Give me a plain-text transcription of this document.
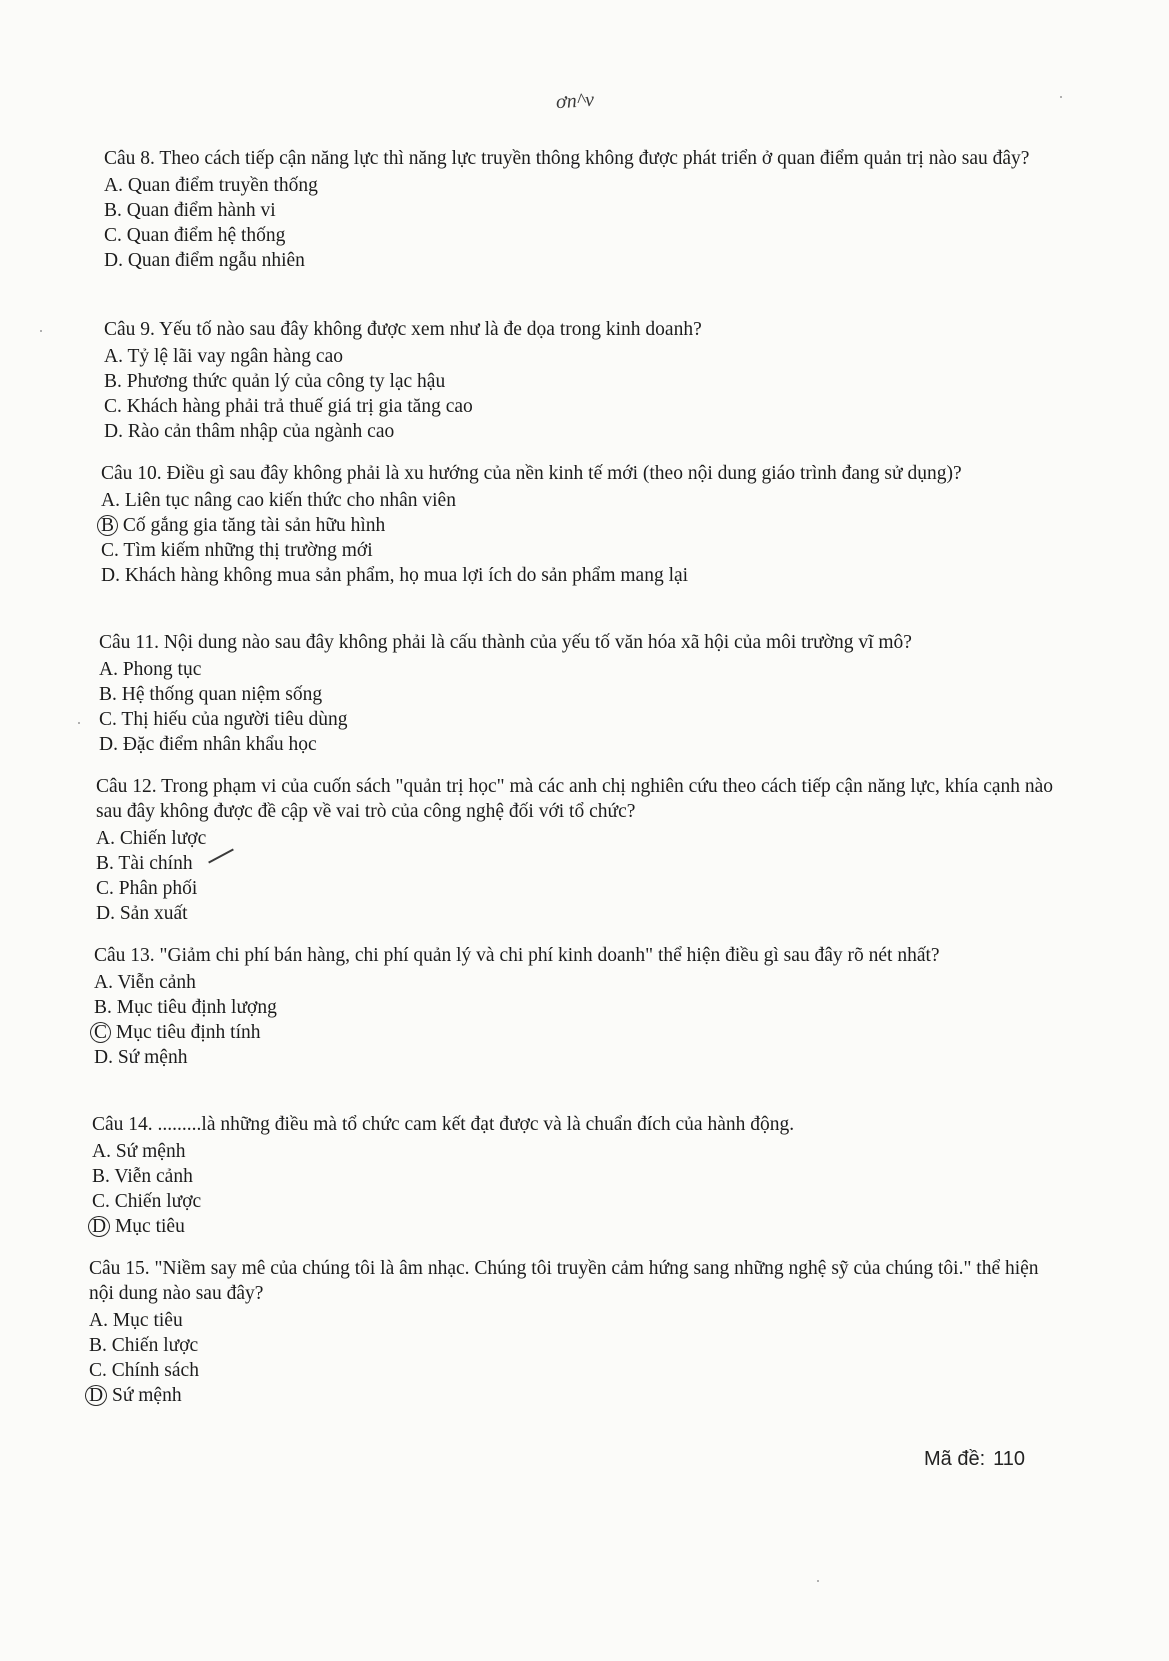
ơn^v

Câu 8. Theo cách tiếp cận năng lực thì năng lực truyền thông không được phát triển ở quan điểm quản trị nào sau đây?

A. Quan điểm truyền thống

B. Quan điểm hành vi

C. Quan điểm hệ thống

D. Quan điểm ngẫu nhiên

Câu 9. Yếu tố nào sau đây không được xem như là đe dọa trong kinh doanh?

A. Tỷ lệ lãi vay ngân hàng cao

B. Phương thức quản lý của công ty lạc hậu

C. Khách hàng phải trả thuế giá trị gia tăng cao

D. Rào cản thâm nhập của ngành cao

Câu 10. Điều gì sau đây không phải là xu hướng của nền kinh tế mới (theo nội dung giáo trình đang sử dụng)?

A. Liên tục nâng cao kiến thức cho nhân viên

B Cố gắng gia tăng tài sản hữu hình

C. Tìm kiếm những thị trường mới

D. Khách hàng không mua sản phẩm, họ mua lợi ích do sản phẩm mang lại

Câu 11. Nội dung nào sau đây không phải là cấu thành của yếu tố văn hóa xã hội của môi trường vĩ mô?

A. Phong tục

B. Hệ thống quan niệm sống

C. Thị hiếu của người tiêu dùng

D. Đặc điểm nhân khẩu học

Câu 12. Trong phạm vi của cuốn sách "quản trị học" mà các anh chị nghiên cứu theo cách tiếp cận năng lực, khía cạnh nào sau đây không được đề cập về vai trò của công nghệ đối với tổ chức?

A. Chiến lược

B. Tài chính

C. Phân phối

D. Sản xuất

Câu 13. "Giảm chi phí bán hàng, chi phí quản lý và chi phí kinh doanh" thể hiện điều gì sau đây rõ nét nhất?

A. Viễn cảnh

B. Mục tiêu định lượng

C Mục tiêu định tính

D. Sứ mệnh

Câu 14. .........là những điều mà tổ chức cam kết đạt được và là chuẩn đích của hành động.

A. Sứ mệnh

B. Viễn cảnh

C. Chiến lược

D Mục tiêu

Câu 15. "Niềm say mê của chúng tôi là âm nhạc. Chúng tôi truyền cảm hứng sang những nghệ sỹ của chúng tôi." thể hiện nội dung nào sau đây?

A. Mục tiêu

B. Chiến lược

C. Chính sách

D Sứ mệnh

Mã đề: 110
